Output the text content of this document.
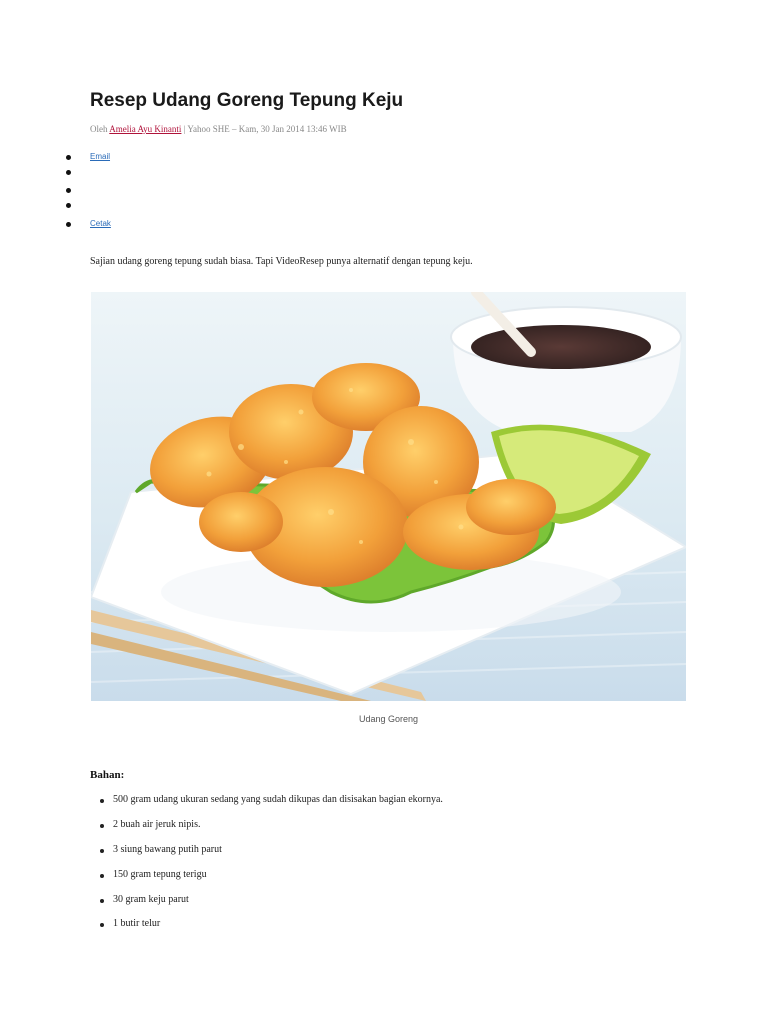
Resep Udang Goreng Tepung Keju
Oleh Amelia Ayu Kinanti | Yahoo SHE – Kam, 30 Jan 2014 13:46 WIB
Email
Cetak

Sajian udang goreng tepung sudah biasa. Tapi VideoResep punya alternatif dengan tepung keju.

Udang Goreng
Bahan:
500 gram udang ukuran sedang yang sudah dikupas dan disisakan bagian ekornya.
2 buah air jeruk nipis.
3 siung bawang putih parut
150 gram tepung terigu
30 gram keju parut
1 butir telur
